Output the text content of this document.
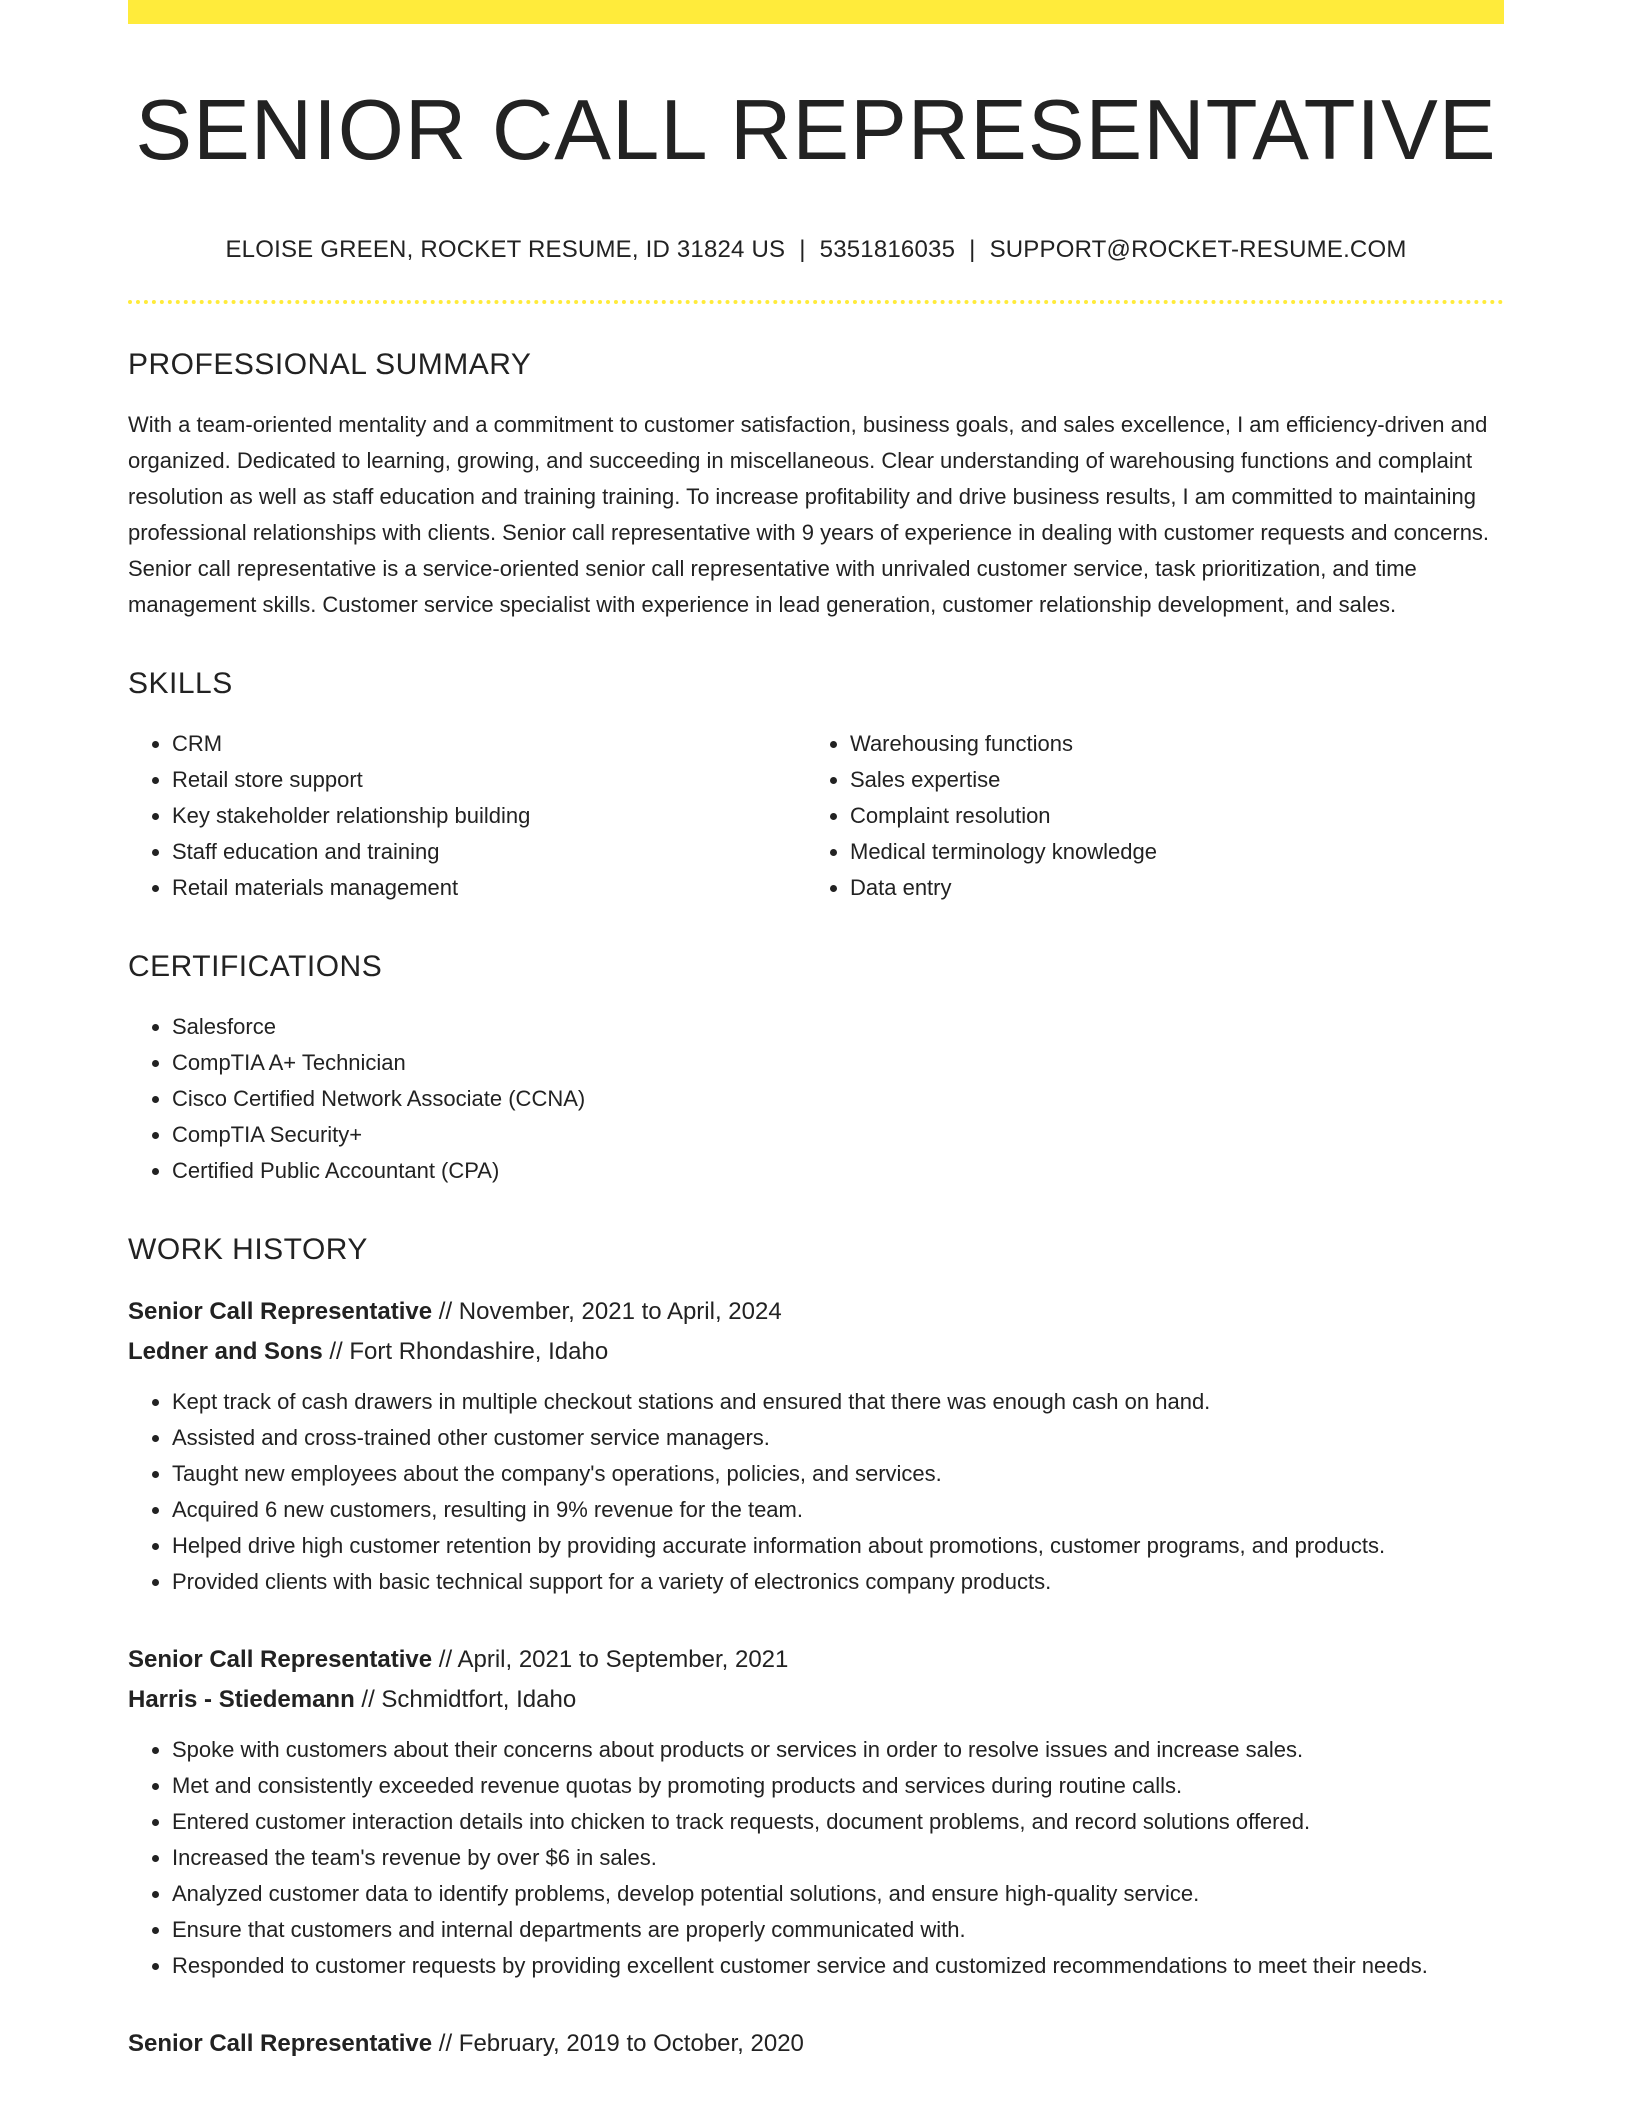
SENIOR CALL REPRESENTATIVE
ELOISE GREEN, ROCKET RESUME, ID 31824 US | 5351816035 | SUPPORT@ROCKET-RESUME.COM
PROFESSIONAL SUMMARY
With a team-oriented mentality and a commitment to customer satisfaction, business goals, and sales excellence, I am efficiency-driven and organized. Dedicated to learning, growing, and succeeding in miscellaneous. Clear understanding of warehousing functions and complaint resolution as well as staff education and training training. To increase profitability and drive business results, I am committed to maintaining professional relationships with clients. Senior call representative with 9 years of experience in dealing with customer requests and concerns. Senior call representative is a service-oriented senior call representative with unrivaled customer service, task prioritization, and time management skills. Customer service specialist with experience in lead generation, customer relationship development, and sales.
SKILLS
• CRM
• Retail store support
• Key stakeholder relationship building
• Staff education and training
• Retail materials management
• Warehousing functions
• Sales expertise
• Complaint resolution
• Medical terminology knowledge
• Data entry
CERTIFICATIONS
• Salesforce
• CompTIA A+ Technician
• Cisco Certified Network Associate (CCNA)
• CompTIA Security+
• Certified Public Accountant (CPA)
WORK HISTORY
Senior Call Representative // November, 2021 to April, 2024
Ledner and Sons // Fort Rhondashire, Idaho
• Kept track of cash drawers in multiple checkout stations and ensured that there was enough cash on hand.
• Assisted and cross-trained other customer service managers.
• Taught new employees about the company's operations, policies, and services.
• Acquired 6 new customers, resulting in 9% revenue for the team.
• Helped drive high customer retention by providing accurate information about promotions, customer programs, and products.
• Provided clients with basic technical support for a variety of electronics company products.
Senior Call Representative // April, 2021 to September, 2021
Harris - Stiedemann // Schmidtfort, Idaho
• Spoke with customers about their concerns about products or services in order to resolve issues and increase sales.
• Met and consistently exceeded revenue quotas by promoting products and services during routine calls.
• Entered customer interaction details into chicken to track requests, document problems, and record solutions offered.
• Increased the team's revenue by over $6 in sales.
• Analyzed customer data to identify problems, develop potential solutions, and ensure high-quality service.
• Ensure that customers and internal departments are properly communicated with.
• Responded to customer requests by providing excellent customer service and customized recommendations to meet their needs.
Senior Call Representative // February, 2019 to October, 2020
